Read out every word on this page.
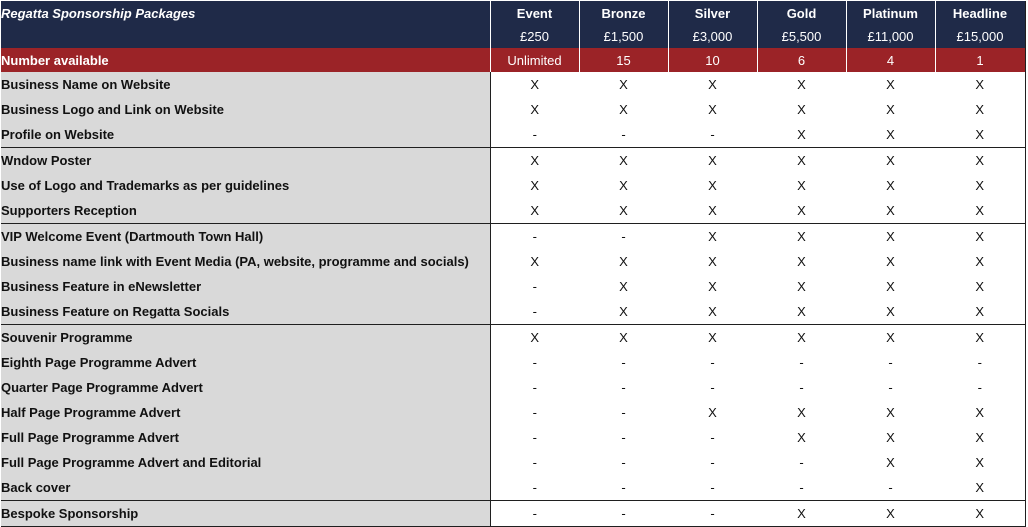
Regatta Sponsorship Packages	Event	Bronze	Silver	Gold	Platinum	Headline
	£250	£1,500	£3,000	£5,500	£11,000	£15,000
Number available	Unlimited	15	10	6	4	1
Business Name on Website	X	X	X	X	X	X
Business Logo and Link on Website	X	X	X	X	X	X
Profile on Website	-	-	-	X	X	X
Wndow Poster	X	X	X	X	X	X
Use of Logo and Trademarks as per guidelines	X	X	X	X	X	X
Supporters Reception	X	X	X	X	X	X
VIP Welcome Event (Dartmouth Town Hall)	-	-	X	X	X	X
Business name link with Event Media (PA, website, programme and socials)	X	X	X	X	X	X
Business Feature in eNewsletter	-	X	X	X	X	X
Business Feature on Regatta Socials	-	X	X	X	X	X
Souvenir Programme	X	X	X	X	X	X
Eighth Page Programme Advert	-	-	-	-	-	-
Quarter Page Programme Advert	-	-	-	-	-	-
Half Page Programme Advert	-	-	X	X	X	X
Full Page Programme Advert	-	-	-	X	X	X
Full Page Programme Advert and Editorial	-	-	-	-	X	X
Back cover	-	-	-	-	-	X
Bespoke Sponsorship	-	-	-	X	X	X
